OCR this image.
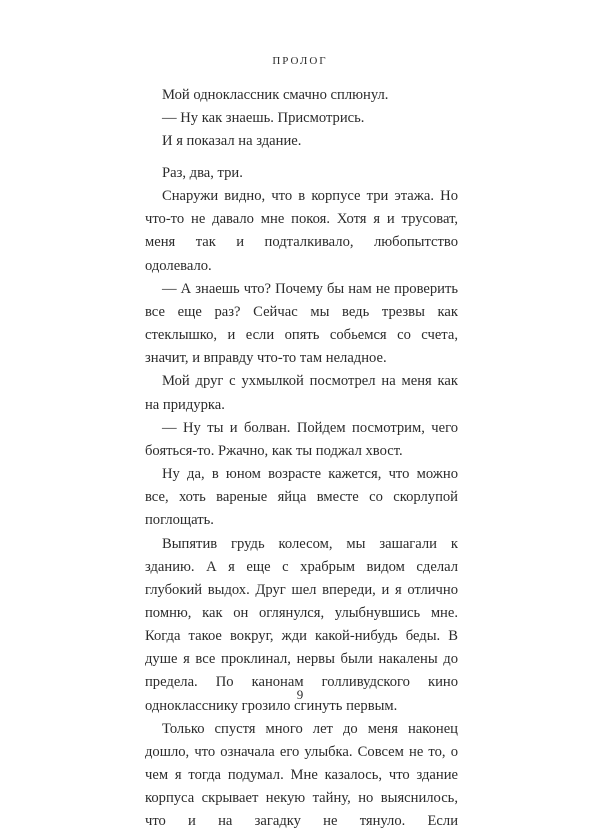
ПРОЛОГ

Мой одноклассник смачно сплюнул.

— Ну как знаешь. Присмотрись.

И я показал на здание.

Раз, два, три.

Снаружи видно, что в корпусе три этажа. Но что-то не давало мне покоя. Хотя я и трусоват, меня так и подталкивало, любопытство одолевало.

— А знаешь что? Почему бы нам не проверить все еще раз? Сейчас мы ведь трезвы как стеклышко, и если опять собьемся со счета, значит, и вправду что-то там неладное.

Мой друг с ухмылкой посмотрел на меня как на придурка.

— Ну ты и болван. Пойдем посмотрим, чего бояться-то. Ржачно, как ты поджал хвост.

Ну да, в юном возрасте кажется, что можно все, хоть вареные яйца вместе со скорлупой поглощать.

Выпятив грудь колесом, мы зашагали к зданию. А я еще с храбрым видом сделал глубокий выдох. Друг шел впереди, и я отлично помню, как он оглянулся, улыбнувшись мне. Когда такое вокруг, жди какой-нибудь беды. В душе я все проклинал, нервы были накалены до предела. По канонам голливудского кино однокласснику грозило сгинуть первым.

Только спустя много лет до меня наконец дошло, что означала его улыбка. Совсем не то, о чем я тогда подумал. Мне казалось, что здание корпуса скрывает некую тайну, но выяснилось, что и на загадку не тянуло. Если

9
